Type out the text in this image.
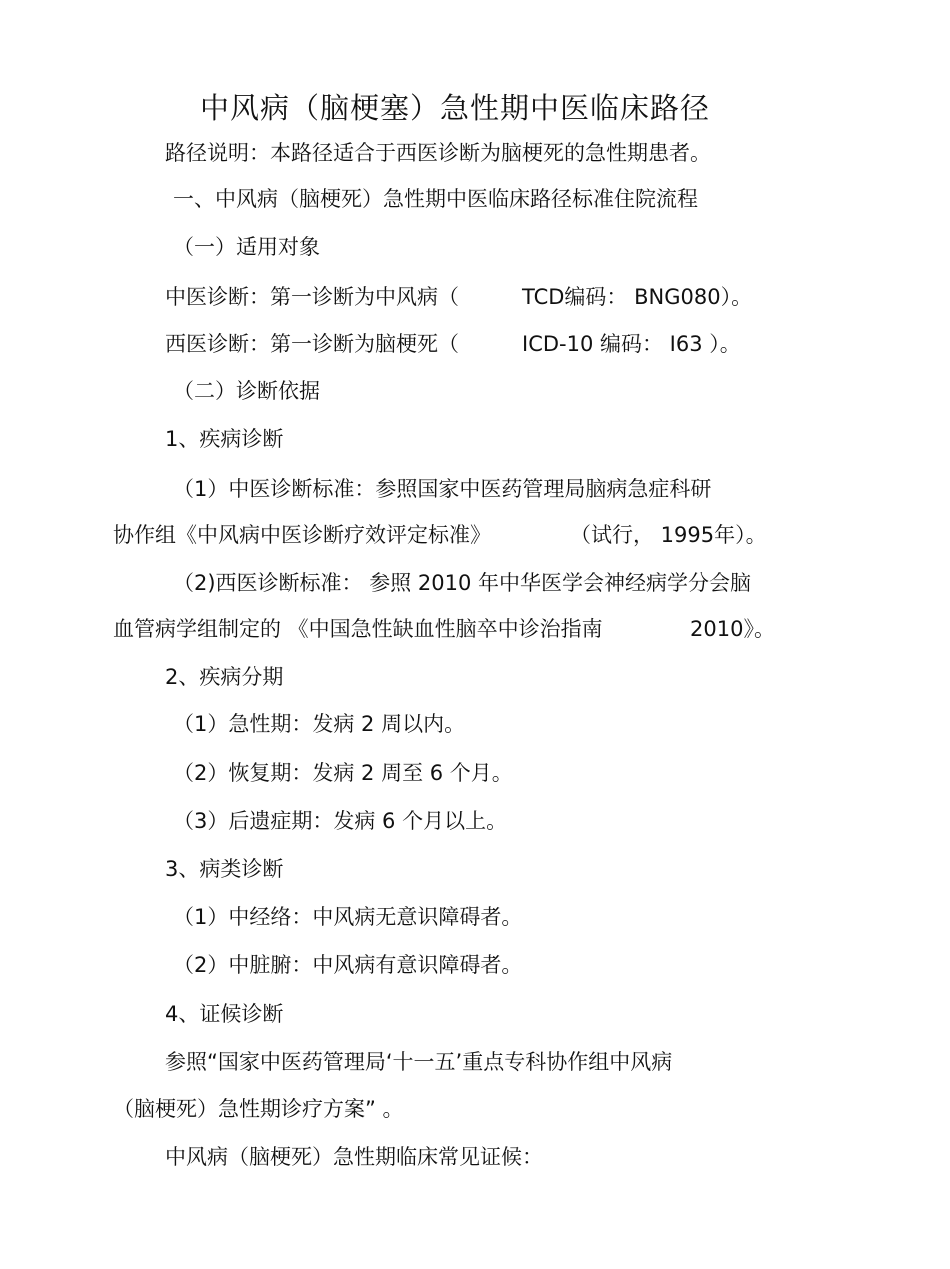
中风病（脑梗塞）急性期中医临床路径
路径说明：本路径适合于西医诊断为脑梗死的急性期患者。
一、中风病（脑梗死）急性期中医临床路径标准住院流程
（一）适用对象
中医诊断：第一诊断为中风病（	TCD编码： BNG080）。
西医诊断：第一诊断为脑梗死（	ICD-10 编码： I63 ）。
（二）诊断依据
1、疾病诊断
（1）中医诊断标准：参照国家中医药管理局脑病急症科研
协作组《中风病中医诊断疗效评定标准》	（试行， 1995年）。
（2)西医诊断标准： 参照 2010 年中华医学会神经病学分会脑
血管病学组制定的 《中国急性缺血性脑卒中诊治指南	2010》。
2、疾病分期
（1）急性期：发病 2 周以内。
（2）恢复期：发病 2 周至 6 个月。
（3）后遗症期：发病 6 个月以上。
3、病类诊断
（1）中经络：中风病无意识障碍者。
（2）中脏腑：中风病有意识障碍者。
4、证候诊断
参照“国家中医药管理局‘十一五’重点专科协作组中风病
（脑梗死）急性期诊疗方案” 。
中风病（脑梗死）急性期临床常见证候：
